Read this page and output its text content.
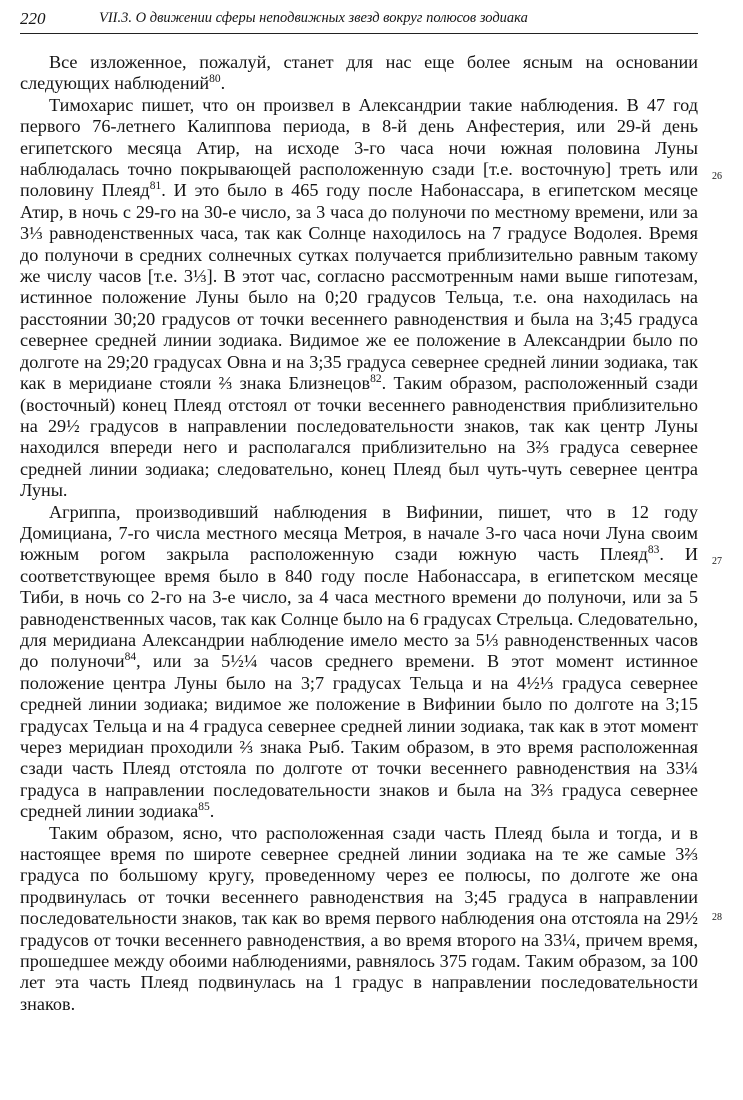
220	VII.3. О движении сферы неподвижных звезд вокруг полюсов зодиака
26
27
28

Все изложенное, пожалуй, станет для нас еще более ясным на основании следующих наблюдений$^{80}$.

Тимохарис пишет, что он произвел в Александрии такие наблюдения. В 47 год первого 76-летнего Калиппова периода, в 8-й день Анфестерия, или 29-й день египетского месяца Атир, на исходе 3-го часа ночи южная половина Луны наблюдалась точно покрывающей расположенную сзади [т.е. восточную] треть или половину Плеяд$^{81}$. И это было в 465 году после Набонассара, в египетском месяце Атир, в ночь с 29-го на 30-е число, за 3 часа до полуночи по местному времени, или за 3⅓ равноденственных часа, так как Солнце находилось на 7 градусе Водолея. Время до полуночи в средних солнечных сутках получается приблизительно равным такому же числу часов [т.е. 3⅓]. В этот час, согласно рассмотренным нами выше гипотезам, истинное положение Луны было на 0;20 градусов Тельца, т.е. она находилась на расстоянии 30;20 градусов от точки весеннего равноденствия и была на 3;45 градуса севернее средней линии зодиака. Видимое же ее положение в Александрии было по долготе на 29;20 градусах Овна и на 3;35 градуса севернее средней линии зодиака, так как в меридиане стояли ⅔ знака Близнецов$^{82}$. Таким образом, расположенный сзади (восточный) конец Плеяд отстоял от точки весеннего равноденствия приблизительно на 29½ градусов в направлении последовательности знаков, так как центр Луны находился впереди него и располагался приблизительно на 3⅔ градуса севернее средней линии зодиака; следовательно, конец Плеяд был чуть-чуть севернее центра Луны.

Агриппа, производивший наблюдения в Вифинии, пишет, что в 12 году Домициана, 7-го числа местного месяца Метроя, в начале 3-го часа ночи Луна своим южным рогом закрыла расположенную сзади южную часть Плеяд$^{83}$. И соответствующее время было в 840 году после Набонассара, в египетском месяце Тиби, в ночь со 2-го на 3-е число, за 4 часа местного времени до полуночи, или за 5 равноденственных часов, так как Солнце было на 6 градусах Стрельца. Следовательно, для меридиана Александрии наблюдение имело место за 5⅓ равноденственных часов до полуночи$^{84}$, или за 5½¼ часов среднего времени. В этот момент истинное положение центра Луны было на 3;7 градусах Тельца и на 4½⅓ градуса севернее средней линии зодиака; видимое же положение в Вифинии было по долготе на 3;15 градусах Тельца и на 4 градуса севернее средней линии зодиака, так как в этот момент через меридиан проходили ⅔ знака Рыб. Таким образом, в это время расположенная сзади часть Плеяд отстояла по долготе от точки весеннего равноденствия на 33¼ градуса в направлении последовательности знаков и была на 3⅔ градуса севернее средней линии зодиака$^{85}$.

Таким образом, ясно, что расположенная сзади часть Плеяд была и тогда, и в настоящее время по широте севернее средней линии зодиака на те же самые 3⅔ градуса по большому кругу, проведенному через ее полюсы, по долготе же она продвинулась от точки весеннего равноденствия на 3;45 градуса в направлении последовательности знаков, так как во время первого наблюдения она отстояла на 29½ градусов от точки весеннего равноденствия, а во время второго на 33¼, причем время, прошедшее между обоими наблюдениями, равнялось 375 годам. Таким образом, за 100 лет эта часть Плеяд подвинулась на 1 градус в направлении последовательности знаков.
